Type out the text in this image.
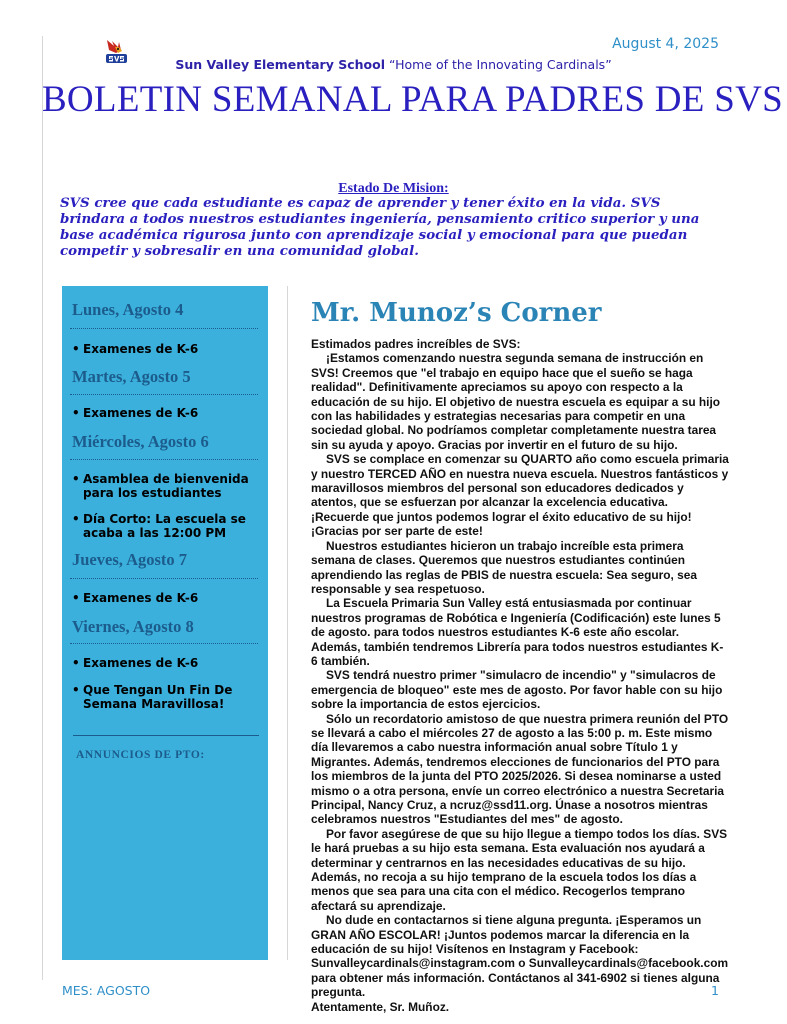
August 4, 2025
Sun Valley Elementary School “Home of the Innovating Cardinals”
BOLETIN SEMANAL PARA PADRES DE SVS
Estado De Mision:
SVS cree que cada estudiante es capaz de aprender y tener éxito en la vida. SVS brindara a todos nuestros estudiantes ingeniería, pensamiento critico superior y una base académica rigurosa junto con aprendizaje social y emocional para que puedan competir y sobresalir en una comunidad global.
Lunes, Agosto 4
• Examenes de K-6
Martes, Agosto 5
• Examenes de K-6
Miércoles, Agosto 6
• Asamblea de bienvenida para los estudiantes
• Día Corto: La escuela se acaba a las 12:00 PM
Jueves, Agosto 7
• Examenes de K-6
Viernes, Agosto 8
• Examenes de K-6
• Que Tengan Un Fin De Semana Maravillosa!
ANNUNCIOS DE PTO:
Mr. Munoz’s Corner

Estimados padres increíbles de SVS:

¡Estamos comenzando nuestra segunda semana de instrucción en SVS! Creemos que "el trabajo en equipo hace que el sueño se haga realidad". Definitivamente apreciamos su apoyo con respecto a la educación de su hijo. El objetivo de nuestra escuela es equipar a su hijo con las habilidades y estrategias necesarias para competir en una sociedad global. No podríamos completar completamente nuestra tarea sin su ayuda y apoyo. Gracias por invertir en el futuro de su hijo.

SVS se complace en comenzar su QUARTO año como escuela primaria y nuestro TERCED AÑO en nuestra nueva escuela. Nuestros fantásticos y maravillosos miembros del personal son educadores dedicados y atentos, que se esfuerzan por alcanzar la excelencia educativa. ¡Recuerde que juntos podemos lograr el éxito educativo de su hijo! ¡Gracias por ser parte de este!

Nuestros estudiantes hicieron un trabajo increíble esta primera semana de clases. Queremos que nuestros estudiantes continúen aprendiendo las reglas de PBIS de nuestra escuela: Sea seguro, sea responsable y sea respetuoso.

La Escuela Primaria Sun Valley está entusiasmada por continuar nuestros programas de Robótica e Ingeniería (Codificación) este lunes 5 de agosto. para todos nuestros estudiantes K-6 este año escolar. Además, también tendremos Librería para todos nuestros estudiantes K-6 también.

SVS tendrá nuestro primer "simulacro de incendio" y "simulacros de emergencia de bloqueo" este mes de agosto. Por favor hable con su hijo sobre la importancia de estos ejercicios.

Sólo un recordatorio amistoso de que nuestra primera reunión del PTO se llevará a cabo el miércoles 27 de agosto a las 5:00 p. m. Este mismo día llevaremos a cabo nuestra información anual sobre Título 1 y Migrantes. Además, tendremos elecciones de funcionarios del PTO para los miembros de la junta del PTO 2025/2026. Si desea nominarse a usted mismo o a otra persona, envíe un correo electrónico a nuestra Secretaria Principal, Nancy Cruz, a ncruz@ssd11.org. Únase a nosotros mientras celebramos nuestros "Estudiantes del mes" de agosto.

Por favor asegúrese de que su hijo llegue a tiempo todos los días. SVS le hará pruebas a su hijo esta semana. Esta evaluación nos ayudará a determinar y centrarnos en las necesidades educativas de su hijo. Además, no recoja a su hijo temprano de la escuela todos los días a menos que sea para una cita con el médico. Recogerlos temprano afectará su aprendizaje.

No dude en contactarnos si tiene alguna pregunta. ¡Esperamos un GRAN AÑO ESCOLAR! ¡Juntos podemos marcar la diferencia en la educación de su hijo! Visítenos en Instagram y Facebook: Sunvalleycardinals@instagram.com o Sunvalleycardinals@facebook.com para obtener más información. Contáctanos al 341-6902 si tienes alguna pregunta.

Atentamente, Sr. Muñoz.

MES: AGOSTO	1
